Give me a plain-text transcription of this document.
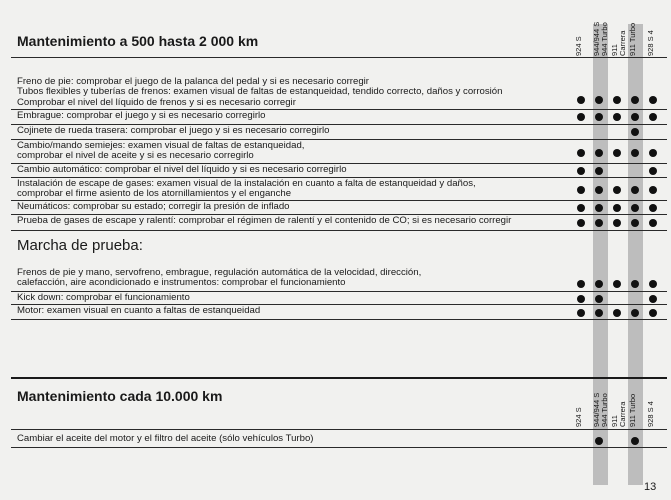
Mantenimiento a 500 hasta 2 000 km	924 S 944/944 S
944 Turbo
911
Carrera 911 Turbo 928 S 4
Freno de pie: comprobar el juego de la palanca del pedal y si es necesario corregir
Tubos flexibles y tuberías de frenos: examen visual de faltas de estanqueidad, tendido correcto, daños y corrosión
Comprobar el nivel del líquido de frenos y si es necesario corregir
Embrague: comprobar el juego y si es necesario corregirlo
Cojinete de rueda trasera: comprobar el juego y si es necesario corregirlo
Cambio/mando semiejes: examen visual de faltas de estanqueidad,
comprobar el nivel de aceite y si es necesario corregirlo
Cambio automático: comprobar el nivel del líquido y si es necesario corregirlo
Instalación de escape de gases: examen visual de la instalación en cuanto a falta de estanqueidad y daños,
comprobar el firme asiento de los atornillamientos y el enganche
Neumáticos: comprobar su estado; corregir la presión de inflado
Prueba de gases de escape y ralentí: comprobar el régimen de ralentí y el contenido de CO; si es necesario corregir
Marcha de prueba:
Frenos de pie y mano, servofreno, embrague, regulación automática de la velocidad, dirección,
calefacción, aire acondicionado e instrumentos: comprobar el funcionamiento
Kick down: comprobar el funcionamiento
Motor: examen visual en cuanto a faltas de estanqueidad
Mantenimiento cada 10.000 km
924 S 944/944 S
944 Turbo
911
Carrera 911 Turbo 928 S 4
Cambiar el aceite del motor y el filtro del aceite (sólo vehículos Turbo)
13
